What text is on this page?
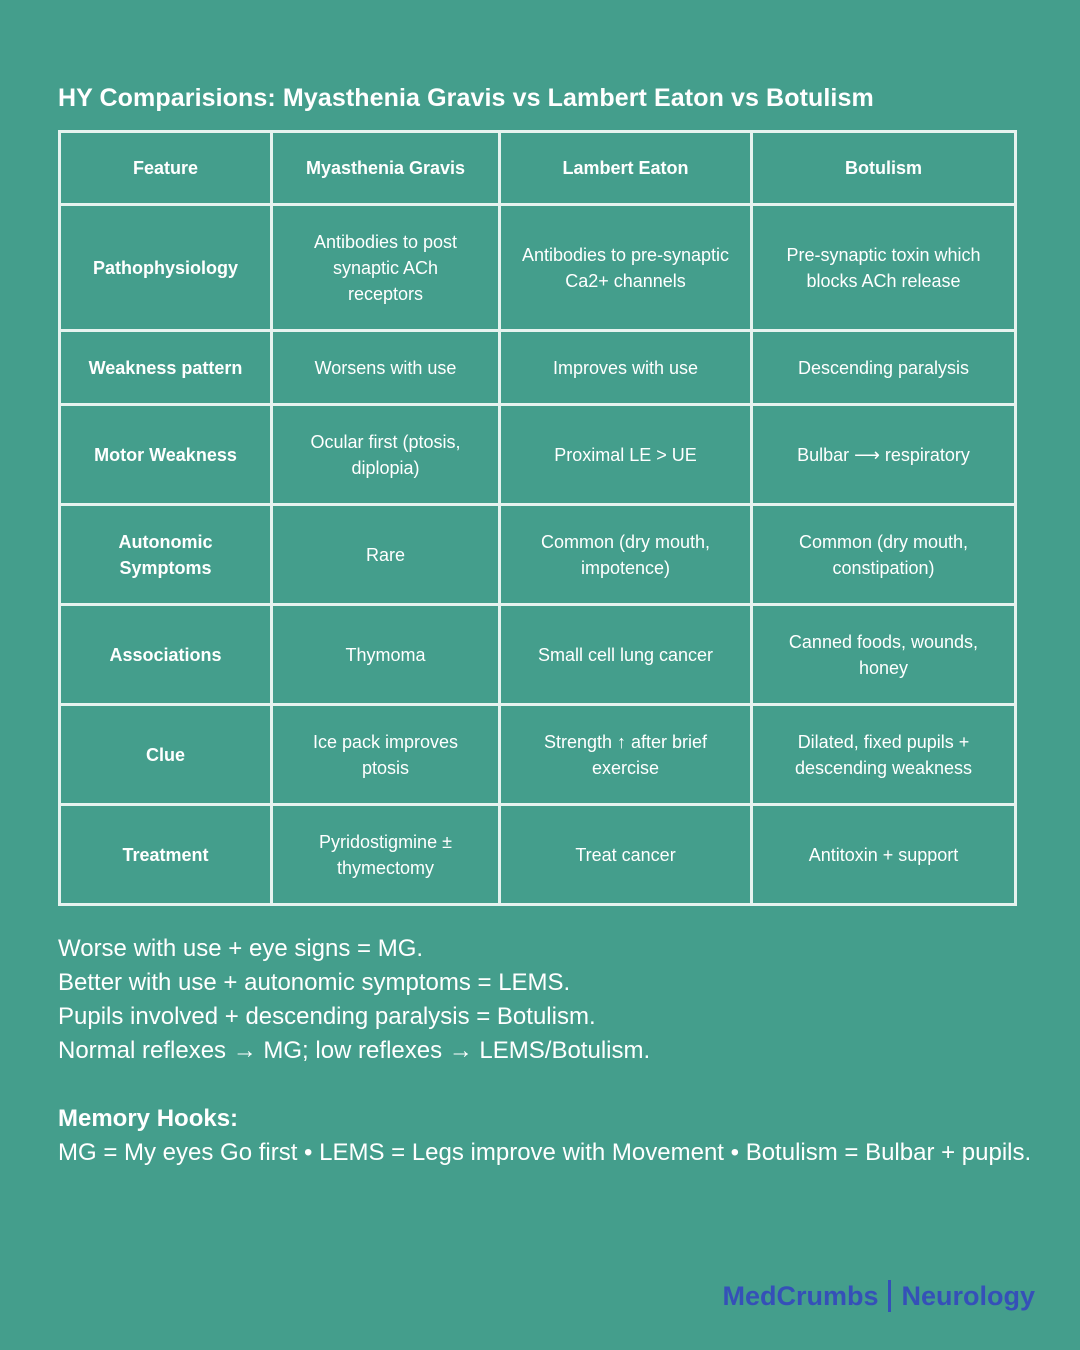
HY Comparisions: Myasthenia Gravis vs Lambert Eaton vs Botulism
Feature	Myasthenia Gravis	Lambert Eaton	Botulism
Pathophysiology	Antibodies to post synaptic ACh receptors	Antibodies to pre-synaptic Ca2+ channels	Pre-synaptic toxin which blocks ACh release
Weakness pattern	Worsens with use	Improves with use	Descending paralysis
Motor Weakness	Ocular first (ptosis, diplopia)	Proximal LE > UE	Bulbar ⟶ respiratory
Autonomic Symptoms	Rare	Common (dry mouth, impotence)	Common (dry mouth, constipation)
Associations	Thymoma	Small cell lung cancer	Canned foods, wounds, honey
Clue	Ice pack improves ptosis	Strength ↑ after brief exercise	Dilated, fixed pupils + descending weakness
Treatment	Pyridostigmine ± thymectomy	Treat cancer	Antitoxin + support
Worse with use + eye signs = MG.
Better with use + autonomic symptoms = LEMS.
Pupils involved + descending paralysis = Botulism.
Normal reflexes → MG; low reflexes → LEMS/Botulism.
Memory Hooks:
MG = My eyes Go first • LEMS = Legs improve with Movement • Botulism = Bulbar + pupils.
MedCrumbs Neurology
